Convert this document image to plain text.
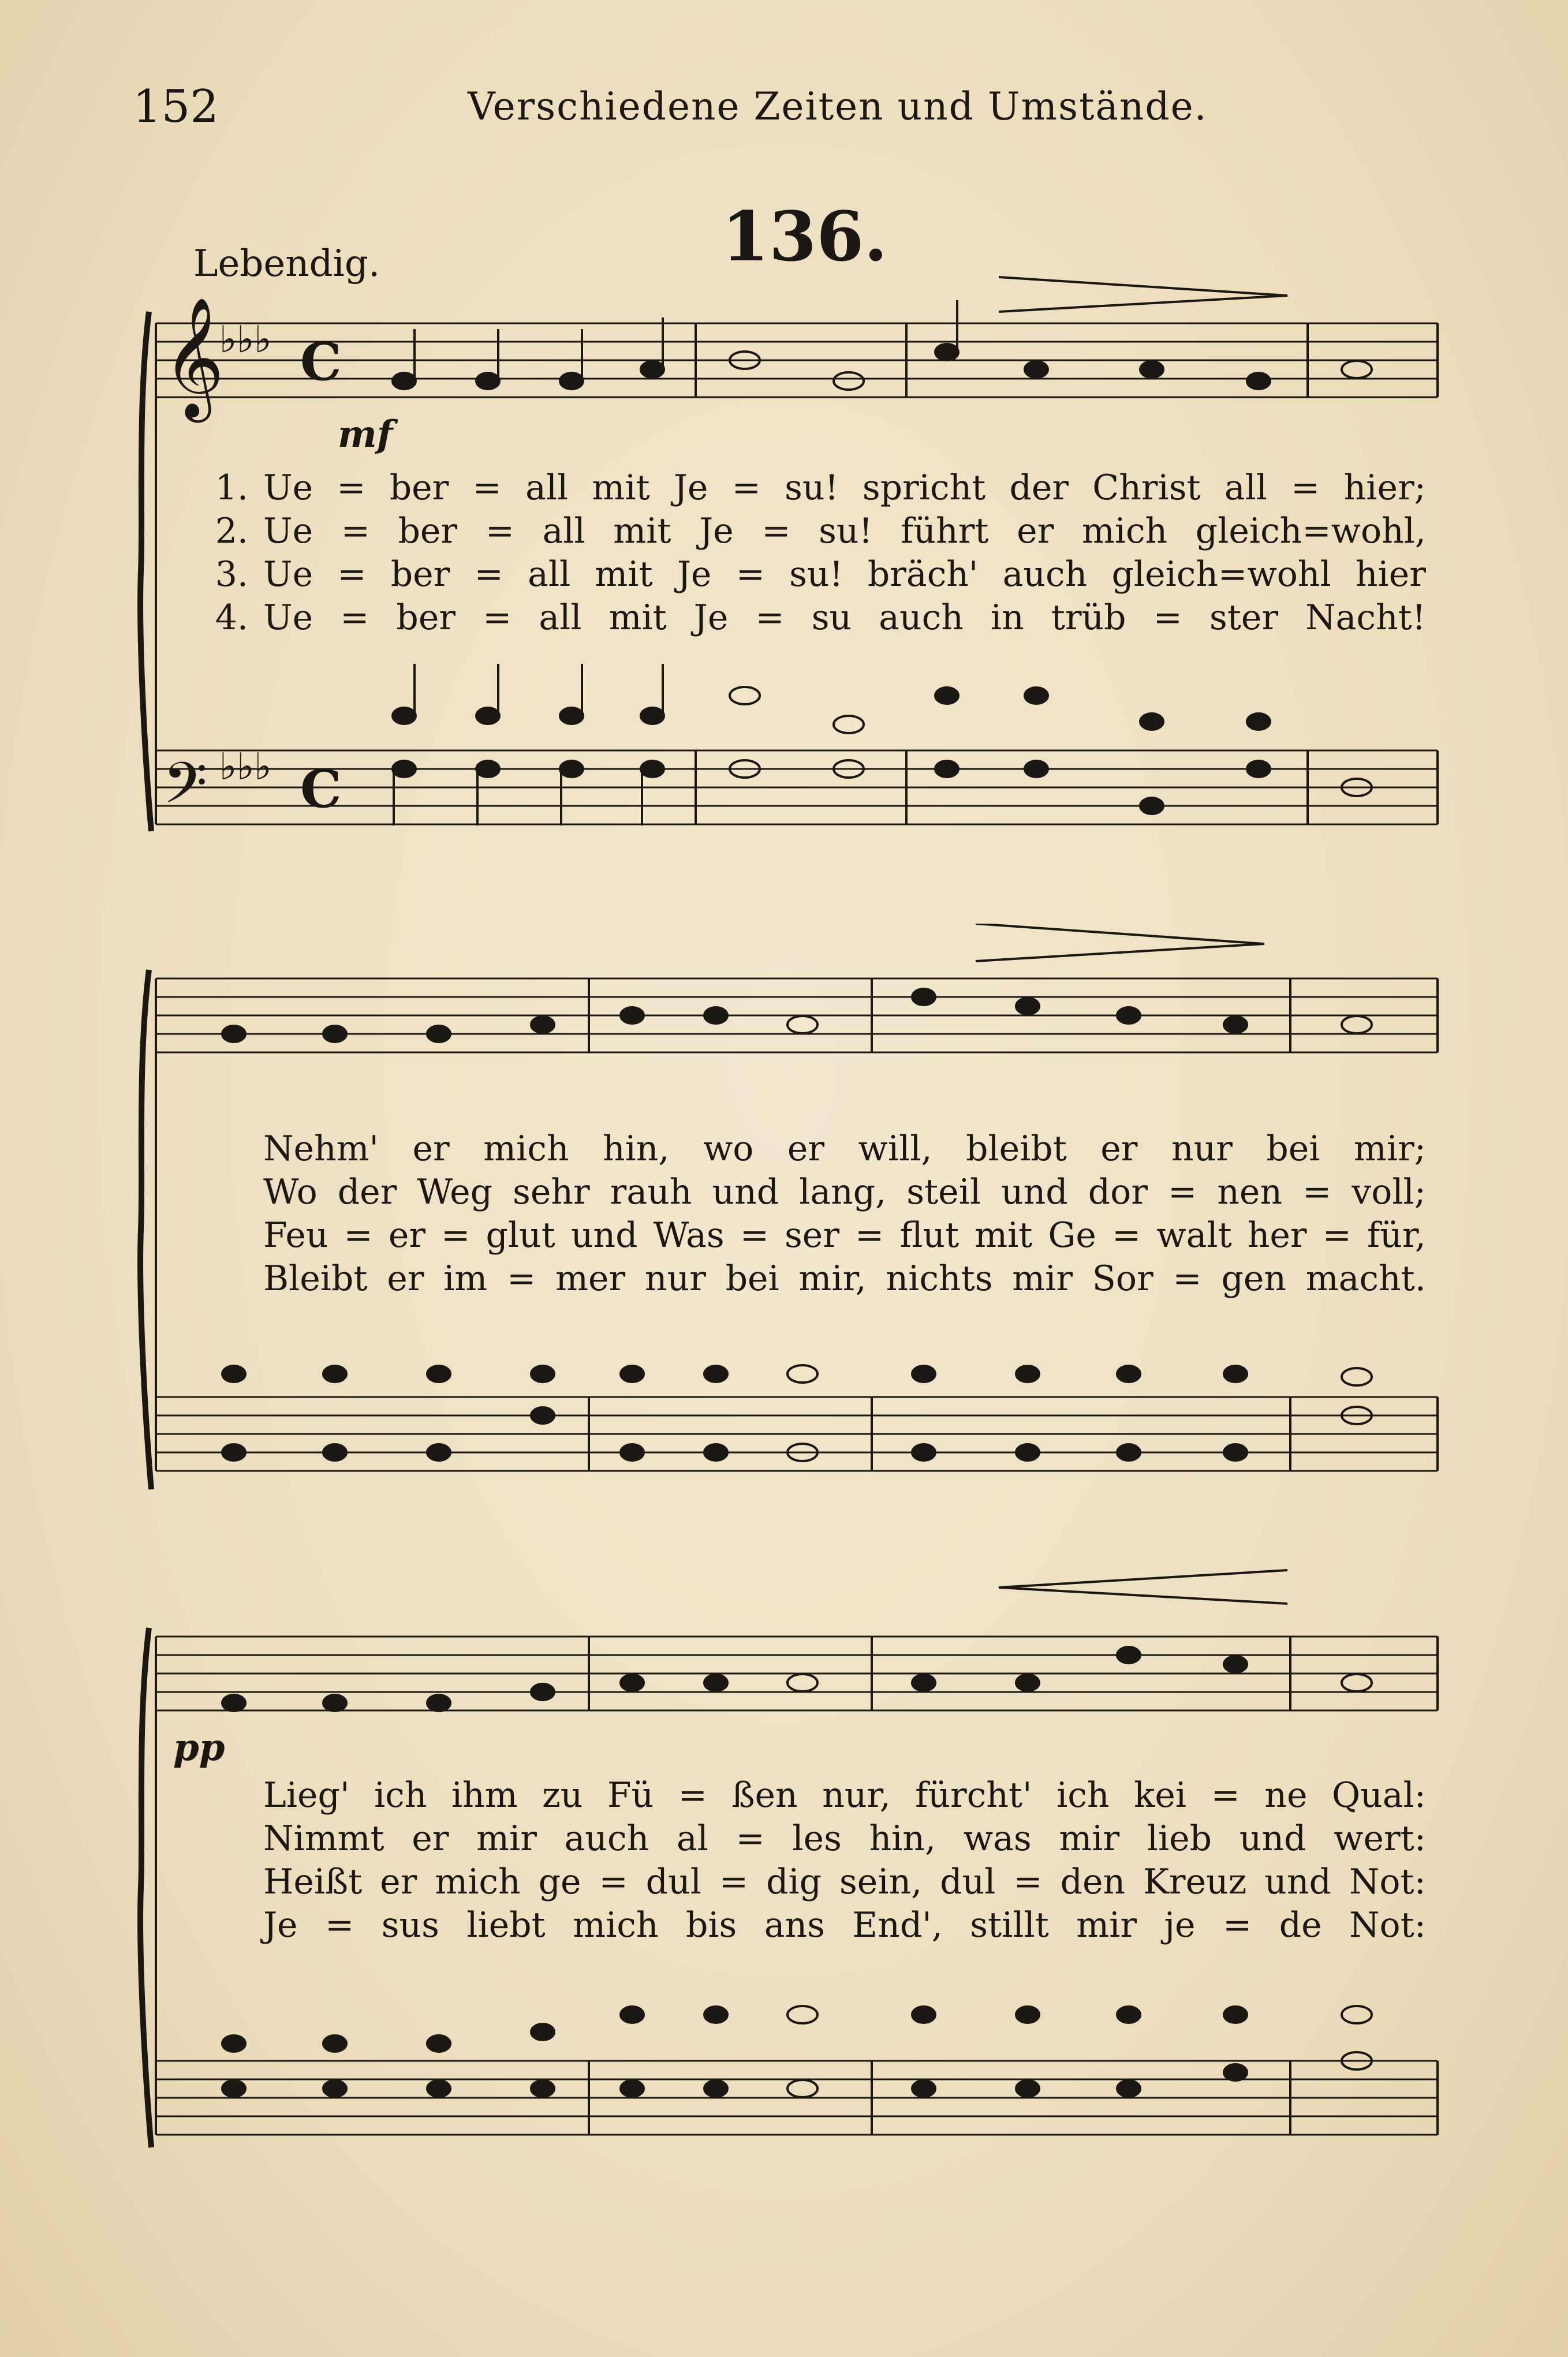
152	Verschiedene Zeiten und Umstände.
136.
Lebendig.
𝄞
𝄢
♭♭♭
♭♭♭
C
C
mf
1. Ue = ber = all mit Je = su! spricht der Christ all = hier;
2. Ue = ber = all mit Je = su! führt er mich gleich=wohl,
3. Ue = ber = all mit Je = su! bräch' auch gleich=wohl hier
4. Ue = ber = all mit Je = su auch in trüb = ster Nacht!
Nehm' er mich hin, wo er will, bleibt er nur bei mir;
Wo der Weg sehr rauh und lang, steil und dor = nen = voll;
Feu = er = glut und Was = ser = flut mit Ge = walt her = für,
Bleibt er im = mer nur bei mir, nichts mir Sor = gen macht.
pp
Lieg' ich ihm zu Fü = ßen nur, fürcht' ich kei = ne Qual:
Nimmt er mir auch al = les hin, was mir lieb und wert:
Heißt er mich ge = dul = dig sein, dul = den Kreuz und Not:
Je = sus liebt mich bis ans End', stillt mir je = de Not:
